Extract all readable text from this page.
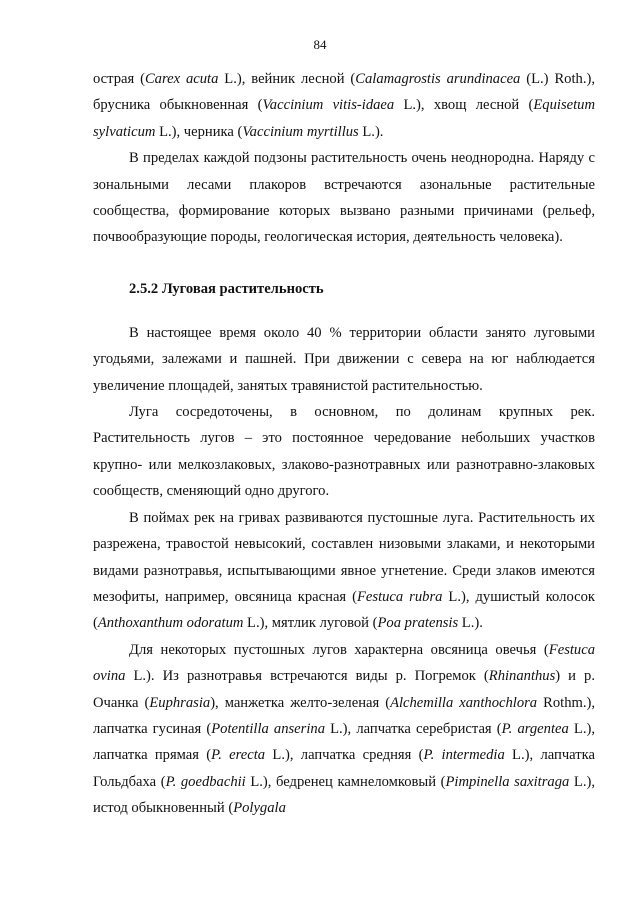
84

острая (Carex acuta L.), вейник лесной (Calamagrostis arundinacea (L.) Roth.), брусника обыкновенная (Vaccinium vitis-idaea L.), хвощ лесной (Equisetum sylvaticum L.), черника (Vaccinium myrtillus L.).

В пределах каждой подзоны растительность очень неоднородна. Наряду с зональными лесами плакоров встречаются азональные растительные сообщества, формирование которых вызвано разными причинами (рельеф, почвообразующие породы, геологическая история, деятельность человека).

2.5.2 Луговая растительность

В настоящее время около 40 % территории области занято луговыми угодьями, залежами и пашней. При движении с севера на юг наблюдается увеличение площадей, занятых травянистой растительностью.

Луга сосредоточены, в основном, по долинам крупных рек. Растительность лугов – это постоянное чередование небольших участков крупно- или мелкозлаковых, злаково-разнотравных или разнотравно-злаковых сообществ, сменяющий одно другого.

В поймах рек на гривах развиваются пустошные луга. Растительность их разрежена, травостой невысокий, составлен низовыми злаками, и некоторыми видами разнотравья, испытывающими явное угнетение. Среди злаков имеются мезофиты, например, овсяница красная (Festuca rubra L.), душистый колосок (Anthoxanthum odoratum L.), мятлик луговой (Poa pratensis L.).

Для некоторых пустошных лугов характерна овсяница овечья (Festuca ovina L.). Из разнотравья встречаются виды р. Погремок (Rhinanthus) и р. Очанка (Euphrasia), манжетка желто-зеленая (Alchemilla xanthochlora Rothm.), лапчатка гусиная (Potentilla anserina L.), лапчатка серебристая (P. argentea L.), лапчатка прямая (P. erecta L.), лапчатка средняя (P. intermedia L.), лапчатка Гольдбаха (P. goedbachii L.), бедренец камнеломковый (Pimpinella saxitraga L.), истод обыкновенный (Polygala
